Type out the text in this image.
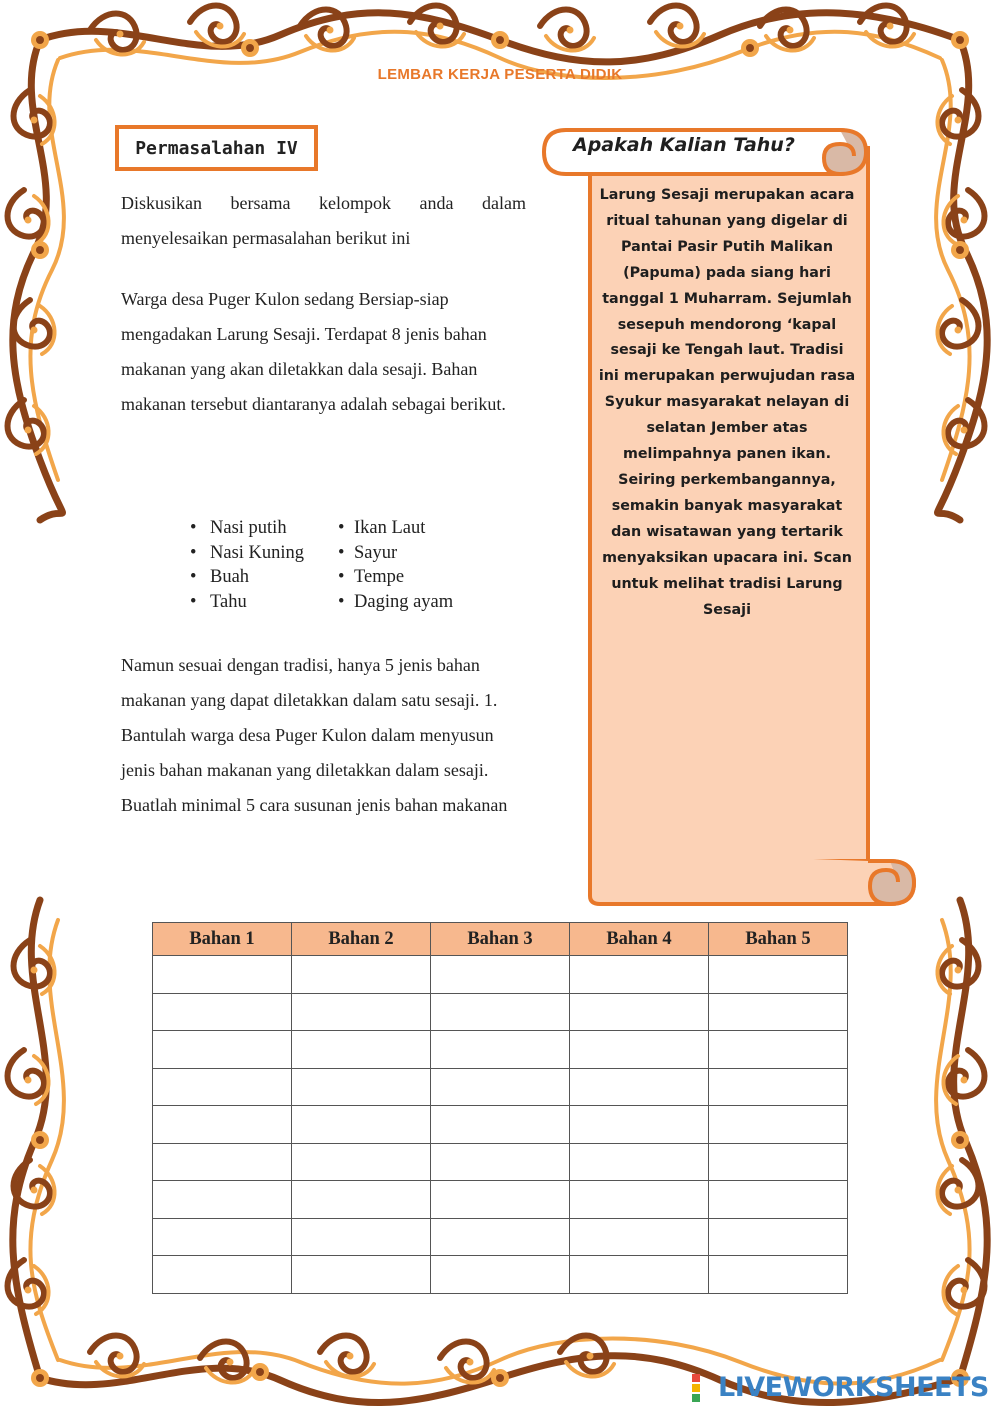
LEMBAR KERJA PESERTA DIDIK
Permasalahan IV

Diskusikan bersama kelompok anda dalam menyelesaikan permasalahan berikut ini

Warga desa Puger Kulon sedang Bersiap-siap mengadakan Larung Sesaji. Terdapat 8 jenis bahan makanan yang akan diletakkan dala sesaji. Bahan makanan tersebut diantaranya adalah sebagai berikut.

• Nasi putih
• Nasi Kuning
• Buah
• Tahu
• Ikan Laut
• Sayur
• Tempe
• Daging ayam

Namun sesuai dengan tradisi, hanya 5 jenis bahan makanan yang dapat diletakkan dalam satu sesaji. 1. Bantulah warga desa Puger Kulon dalam menyusun jenis bahan makanan yang diletakkan dalam sesaji. Buatlah minimal 5 cara susunan jenis bahan makanan

Apakah Kalian Tahu?
Larung Sesaji merupakan acara ritual tahunan yang digelar di Pantai Pasir Putih Malikan (Papuma) pada siang hari tanggal 1 Muharram. Sejumlah sesepuh mendorong ‘kapal sesaji ke Tengah laut. Tradisi ini merupakan perwujudan rasa Syukur masyarakat nelayan di selatan Jember atas melimpahnya panen ikan. Seiring perkembangannya, semakin banyak masyarakat dan wisatawan yang tertarik menyaksikan upacara ini. Scan untuk melihat tradisi Larung Sesaji
Bahan 1	Bahan 2	Bahan 3	Bahan 4	Bahan 5

LIVEWORKSHEETS
